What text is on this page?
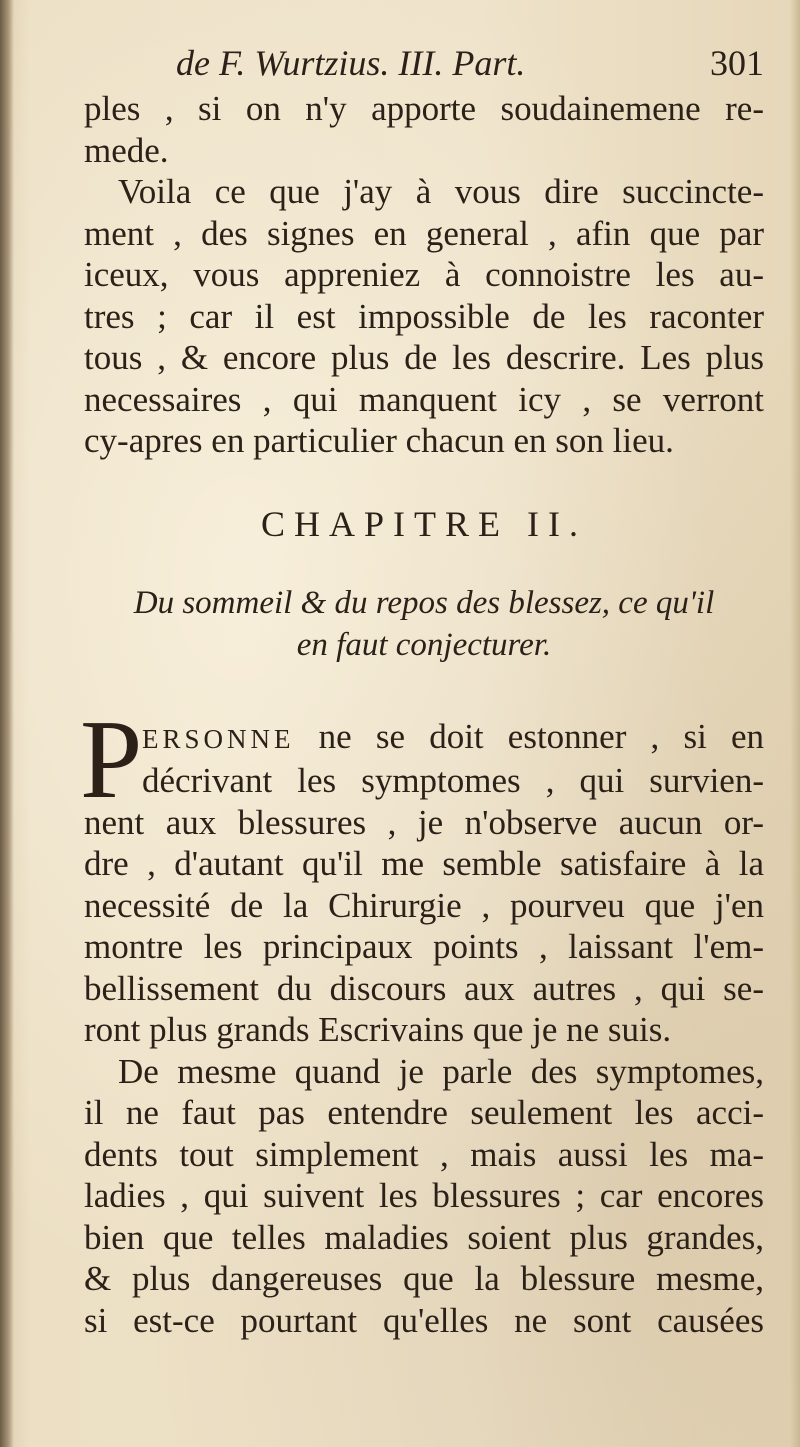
de F. Wurtzius. III. Part.	301
ples , si on n'y apporte soudainemene re-
mede.
Voila ce que j'ay à vous dire succincte-
ment , des signes en general , afin que par
iceux, vous appreniez à connoistre les au-
tres ; car il est impossible de les raconter
tous , & encore plus de les descrire. Les plus
necessaires , qui manquent icy , se verront
cy-apres en particulier chacun en son lieu.
CHAPITRE II.
Du sommeil & du repos des blessez, ce qu'il
en faut conjecturer.
P ERSONNE ne se doit estonner , si en
décrivant les symptomes , qui survien-
nent aux blessures , je n'observe aucun or-
dre , d'autant qu'il me semble satisfaire à la
necessité de la Chirurgie , pourveu que j'en
montre les principaux points , laissant l'em-
bellissement du discours aux autres , qui se-
ront plus grands Escrivains que je ne suis.
De mesme quand je parle des symptomes,
il ne faut pas entendre seulement les acci-
dents tout simplement , mais aussi les ma-
ladies , qui suivent les blessures ; car encores
bien que telles maladies soient plus grandes,
& plus dangereuses que la blessure mesme,
si est-ce pourtant qu'elles ne sont causées
